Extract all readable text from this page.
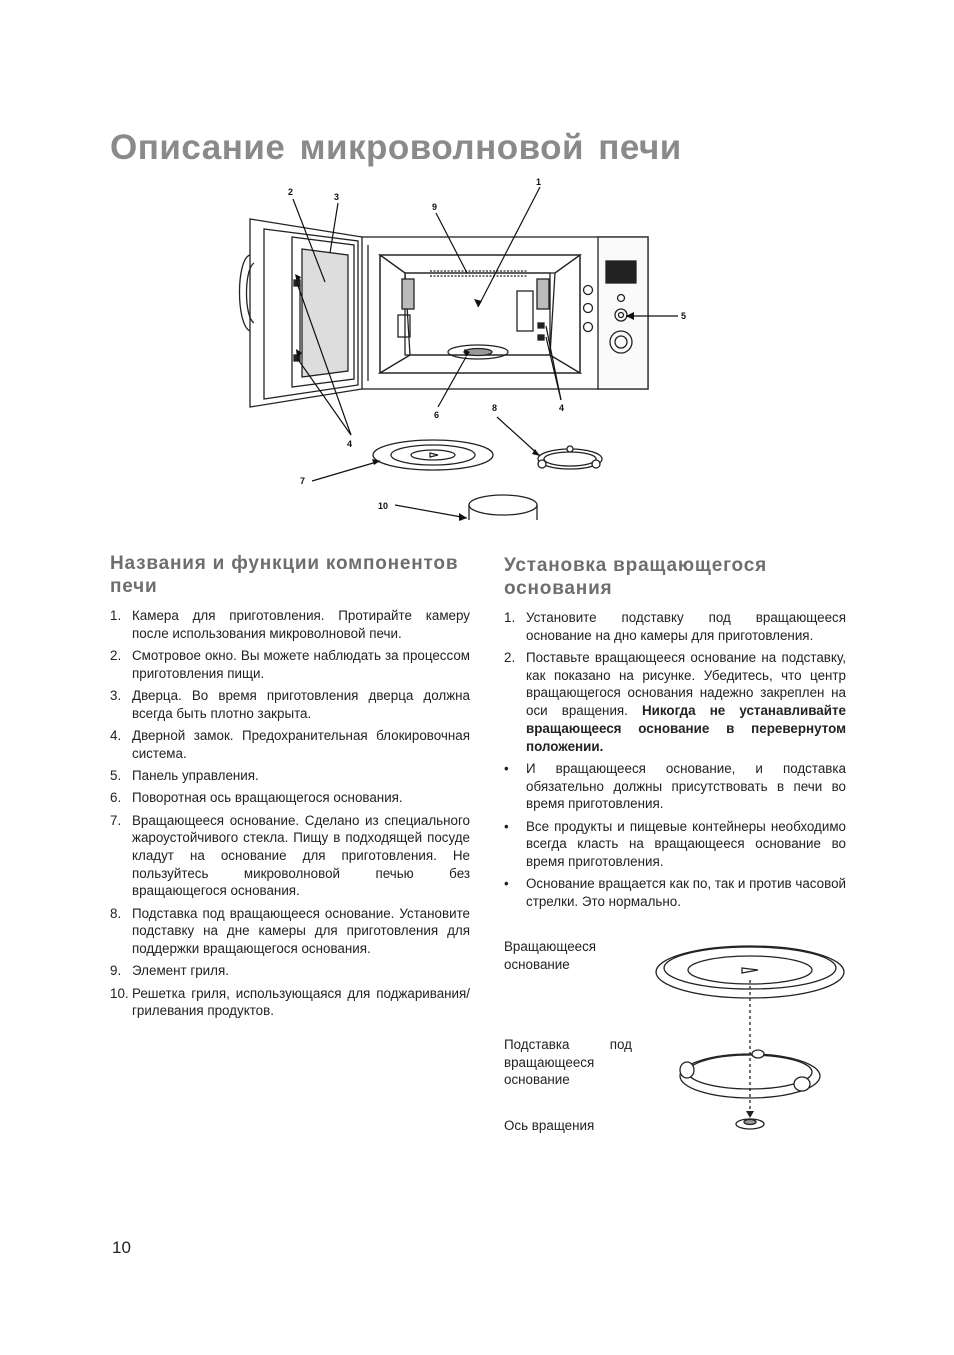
Описание микроволновой печи
1
2	3
4
4
5
6
7
8
9
10
Названия и функции компонентов печи
1. Камера для приготовления. Протирайте камеру после использования микроволновой печи.
2. Смотровое окно. Вы можете наблюдать за процессом приготовления пищи.
3. Дверца. Во время приготовления дверца должна всегда быть плотно закрыта.
4. Дверной замок. Предохранительная блокировочная система.
5. Панель управления.
6. Поворотная ось вращающегося основания.
7. Вращающееся основание. Сделано из специального жароустойчивого стекла. Пищу в подходящей посуде кладут на основание для приготовления. Не пользуйтесь микроволновой печью без вращающегося основания.
8. Подставка под вращающееся основание. Установите подставку на дне камеры для приготовления для поддержки вращающегося основания.
9. Элемент гриля.
10. Решетка гриля, использующаяся для поджаривания/грилевания продуктов.
Установка вращающегося основания
1. Установите подставку под вращающееся основание на дно камеры для приготовления.
2. Поставьте вращающееся основание на подставку, как показано на рисунке. Убедитесь, что центр вращающегося основания надежно закреплен на оси вращения. Никогда не устанавливайте вращающееся основание в перевернутом положении.
• И вращающееся основание, и подставка обязательно должны присутствовать в печи во время приготовления.
• Все продукты и пищевые контейнеры необходимо всегда класть на вращающееся основание во время приготовления.
• Основание вращается как по, так и против часовой стрелки. Это нормально.
Вращающееся основание
Подставка под вращающееся основание
Ось вращения
10
